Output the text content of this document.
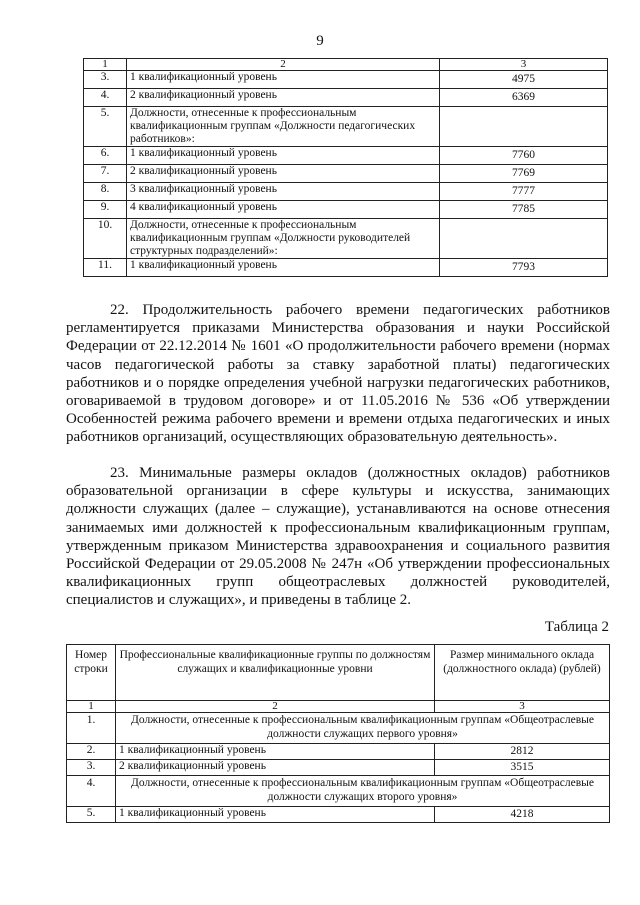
9
1	2	3
3.	1 квалификационный уровень	4975
4.	2 квалификационный уровень	6369
5.	Должности, отнесенные к профессиональным квалификационным группам «Должности педагогических работников»:	
6.	1 квалификационный уровень	7760
7.	2 квалификационный уровень	7769
8.	3 квалификационный уровень	7777
9.	4 квалификационный уровень	7785
10.	Должности, отнесенные к профессиональным квалификационным группам «Должности руководителей структурных подразделений»:	
11.	1 квалификационный уровень	7793
22. Продолжительность рабочего времени педагогических работников регламентируется приказами Министерства образования и науки Российской Федерации от 22.12.2014 № 1601 «О продолжительности рабочего времени (нормах часов педагогической работы за ставку заработной платы) педагогических работников и о порядке определения учебной нагрузки педагогических работников, оговариваемой в трудовом договоре» и от 11.05.2016 № 536 «Об утверждении Особенностей режима рабочего времени и времени отдыха педагогических и иных работников организаций, осуществляющих образовательную деятельность».
23. Минимальные размеры окладов (должностных окладов) работников образовательной организации в сфере культуры и искусства, занимающих должности служащих (далее – служащие), устанавливаются на основе отнесения занимаемых ими должностей к профессиональным квалификационным группам, утвержденным приказом Министерства здравоохранения и социального развития Российской Федерации от 29.05.2008 № 247н «Об утверждении профессиональных квалификационных групп общеотраслевых должностей руководителей, специалистов и служащих», и приведены в таблице 2.
Таблица 2
Номер строки	Профессиональные квалификационные группы по должностям служащих и квалификационные уровни	Размер минимального оклада (должностного оклада) (рублей)
1	2	3
1.	Должности, отнесенные к профессиональным квалификационным группам «Общеотраслевые должности служащих первого уровня»	
2.	1 квалификационный уровень	2812
3.	2 квалификационный уровень	3515
4.	Должности, отнесенные к профессиональным квалификационным группам «Общеотраслевые должности служащих второго уровня»	
5.	1 квалификационный уровень	4218
